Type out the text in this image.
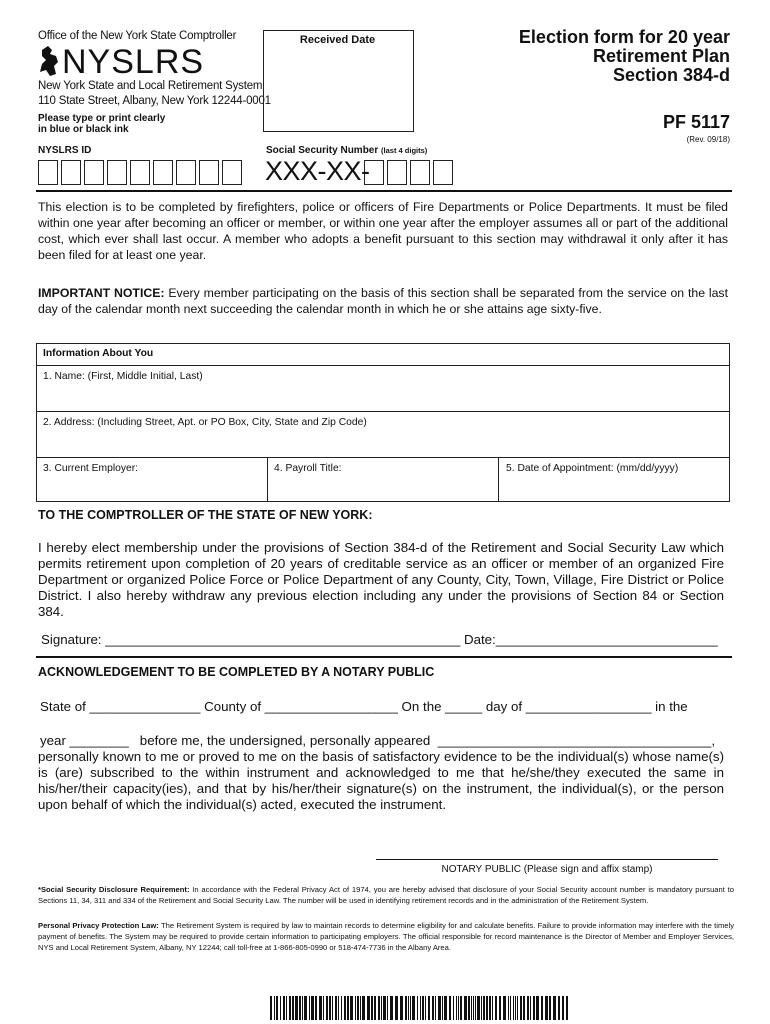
Office of the New York State Comptroller
NYSLRS
New York State and Local Retirement System
110 State Street, Albany, New York 12244-0001
Please type or print clearly
in blue or black ink
Received Date	Election form for 20 year
Retirement Plan
Section 384-d
PF 5117
(Rev. 09/18)
NYSLRS ID	Social Security Number (last 4 digits)
XXX-XX-
This election is to be completed by firefighters, police or officers of Fire Departments or Police Departments. It must be filed within one year after becoming an officer or member, or within one year after the employer assumes all or part of the additional cost, which ever shall last occur. A member who adopts a benefit pursuant to this section may withdrawal it only after it has been filed for at least one year.
IMPORTANT NOTICE: Every member participating on the basis of this section shall be separated from the service on the last day of the calendar month next succeeding the calendar month in which he or she attains age sixty-five.
Information About You
1. Name: (First, Middle Initial, Last)
2. Address: (Including Street, Apt. or PO Box, City, State and Zip Code)
3. Current Employer:	4. Payroll Title:	5. Date of Appointment: (mm/dd/yyyy)
TO THE COMPTROLLER OF THE STATE OF NEW YORK:
I hereby elect membership under the provisions of Section 384-d of the Retirement and Social Security Law which permits retirement upon completion of 20 years of creditable service as an officer or member of an organized Fire Department or organized Police Force or Police Department of any County, City, Town, Village, Fire District or Police District. I also hereby withdraw any previous election including any under the provisions of Section 84 or Section 384.
Signature: ________________________________________________ Date:______________________________
ACKNOWLEDGEMENT TO BE COMPLETED BY A NOTARY PUBLIC
State of _______________ County of __________________ On the _____ day of _________________ in the
year ________   before me, the undersigned, personally appeared  _____________________________________,
personally known to me or proved to me on the basis of satisfactory evidence to be the individual(s) whose name(s) is (are) subscribed to the within instrument and acknowledged to me that he/she/they executed the same in his/her/their capacity(ies), and that by his/her/their signature(s) on the instrument, the individual(s), or the person upon behalf of which the individual(s) acted, executed the instrument.
NOTARY PUBLIC (Please sign and affix stamp)
*Social Security Disclosure Requirement: In accordance with the Federal Privacy Act of 1974, you are hereby advised that disclosure of your Social Security account number is mandatory pursuant to Sections 11, 34, 311 and 334 of the Retirement and Social Security Law. The number will be used in identifying retirement records and in the administration of the Retirement System.
Personal Privacy Protection Law: The Retirement System is required by law to maintain records to determine eligibility for and calculate benefits. Failure to provide information may interfere with the timely payment of benefits. The System may be required to provide certain information to participating employers. The official responsible for record maintenance is the Director of Member and Employer Services, NYS and Local Retirement System, Albany, NY 12244; call toll-free at 1-866-805-0990 or 518-474-7736 in the Albany Area.
